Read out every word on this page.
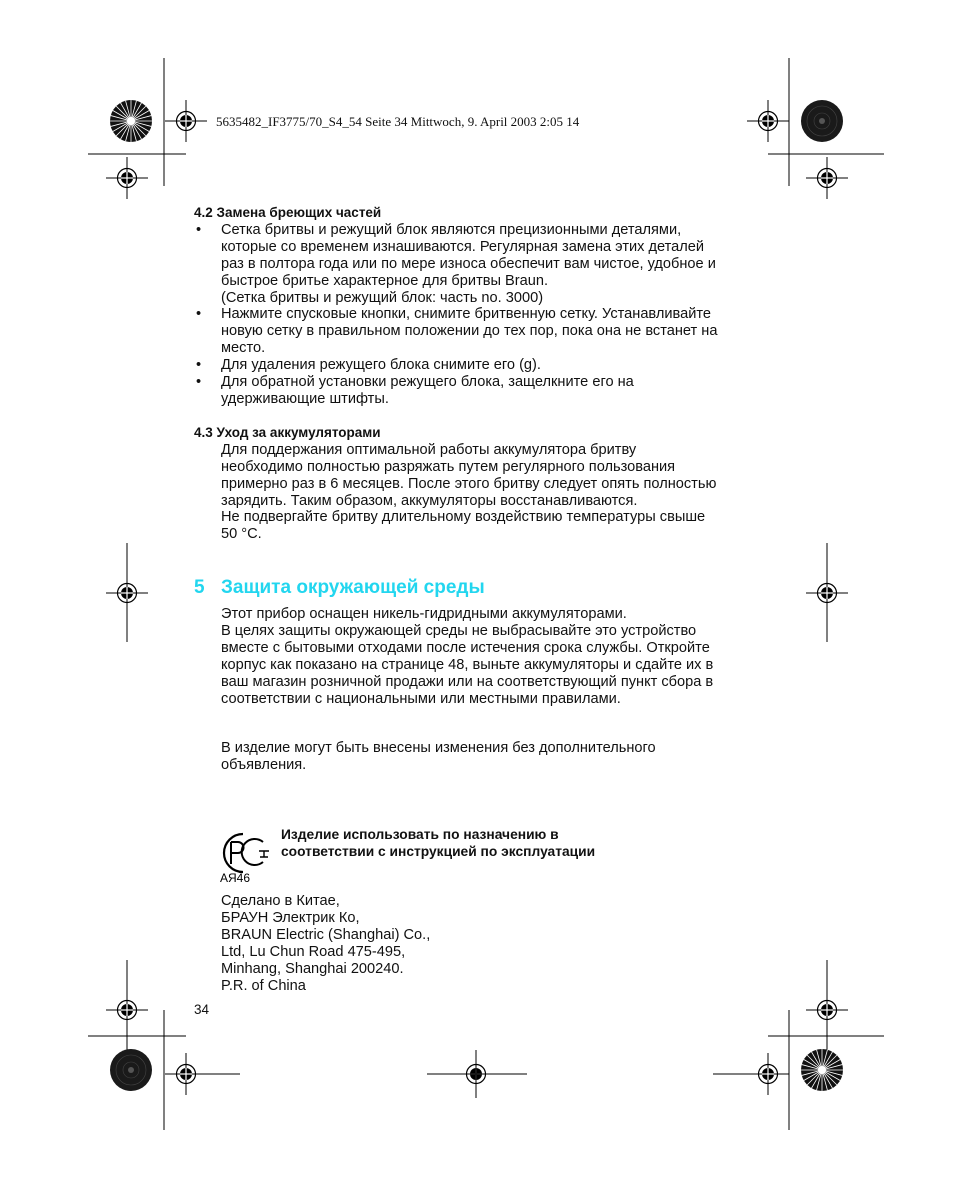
5635482_IF3775/70_S4_54 Seite 34 Mittwoch, 9. April 2003 2:05 14

4.2 Замена бреющих частей

• Сетка бритвы и режущий блок являются прецизионными деталями,
которые со временем изнашиваются. Регулярная замена этих деталей
раз в полтора года или по мере износа обеспечит вам чистое, удобное и
быстрое бритье характерное для бритвы Braun.
(Сетка бритвы и режущий блок: часть no. 3000)
• Нажмите спусковые кнопки, снимите бритвенную сетку. Устанавливайте
новую сетку в правильном положении до тех пор, пока она не встанет на
место.
• Для удаления режущего блока снимите его (g).
• Для обратной установки режущего блока, защелкните его на
удерживающие штифты.

4.3 Уход за аккумуляторами

Для поддержания оптимальной работы аккумулятора бритву
необходимо полностью разряжать путем регулярного пользования
примерно раз в 6 месяцев. После этого бритву следует опять полностью
зарядить. Таким образом, аккумуляторы восстанавливаются.
Не подвергайте бритву длительному воздействию температуры свыше
50 °C.
5 Защита окружающей среды
Этот прибор оснащен никель-гидридными аккумуляторами.
В целях защиты окружающей среды не выбрасывайте это устройство
вместе с бытовыми отходами после истечения срока службы. Откройте
корпус как показано на странице 48, выньте аккумуляторы и сдайте их в
ваш магазин розничной продажи или на соответствующий пункт сбора в
соответствии с национальными или местными правилами.
В изделие могут быть внесены изменения без дополнительного
объявления.
АЯ46
Изделие использовать по назначению в
соответствии с инструкцией по эксплуатации
Сделано в Китае,
БРАУН Электрик Ко,
BRAUN Electric (Shanghai) Co.,
Ltd, Lu Chun Road 475-495,
Minhang, Shanghai 200240.
P.R. of China
34
